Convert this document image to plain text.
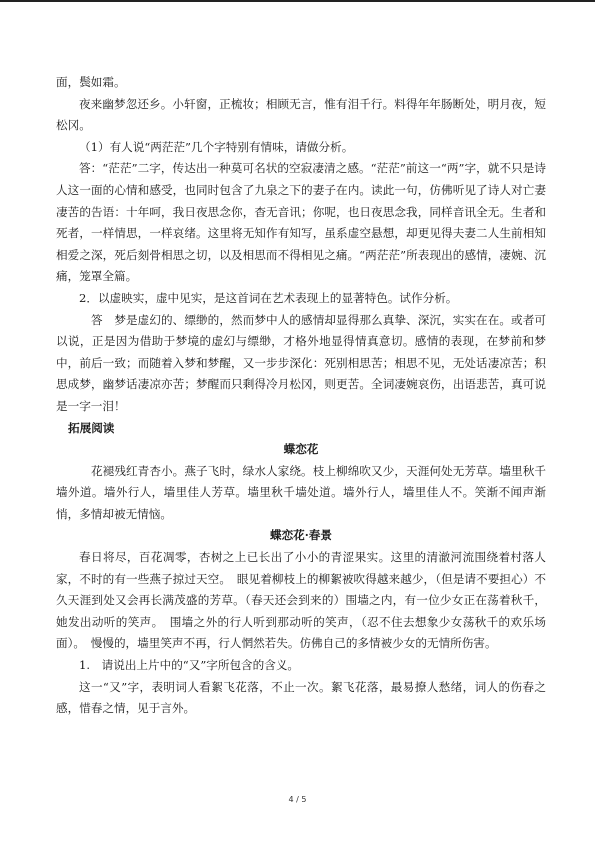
面，鬓如霜。

夜来幽梦忽还乡。小轩窗，正梳妆；相顾无言，惟有泪千行。料得年年肠断处，明月夜，短松冈。

（1）有人说“两茫茫”几个字特别有情味，请做分析。

答：“茫茫”二字，传达出一种莫可名状的空寂凄清之感。“茫茫”前这一“两”字，就不只是诗人这一面的心情和感受，也同时包含了九泉之下的妻子在内。读此一句，仿佛听见了诗人对亡妻凄苦的告语：十年呵，我日夜思念你，杳无音讯；你呢，也日夜思念我，同样音讯全无。生者和死者，一样情思，一样哀绪。这里将无知作有知写，虽系虚空悬想，却更见得夫妻二人生前相知相爱之深，死后刻骨相思之切，以及相思而不得相见之痛。“两茫茫”所表现出的感情，凄婉、沉痛，笼罩全篇。

2．以虚映实，虚中见实，是这首词在艺术表现上的显著特色。试作分析。

答　梦是虚幻的、缥缈的，然而梦中人的感情却显得那么真挚、深沉，实实在在。或者可以说，正是因为借助于梦境的虚幻与缥缈，才格外地显得情真意切。感情的表现，在梦前和梦中，前后一致；而随着入梦和梦醒，又一步步深化：死别相思苦；相思不见，无处话凄凉苦；积思成梦，幽梦话凄凉亦苦；梦醒而只剩得冷月松冈，则更苦。全词凄婉哀伤，出语悲苦，真可说是一字一泪！

拓展阅读

蝶恋花

花褪残红青杏小。燕子飞时，绿水人家绕。枝上柳绵吹又少，天涯何处无芳草。墙里秋千墙外道。墙外行人，墙里佳人芳草。墙里秋千墙处道。墙外行人，墙里佳人不。笑渐不闻声渐悄，多情却被无情恼。

蝶恋花·春景

春日将尽，百花凋零，杏树之上已长出了小小的青涩果实。这里的清澈河流围绕着村落人家，不时的有一些燕子掠过天空。　眼见着柳枝上的柳絮被吹得越来越少，（但是请不要担心）不久天涯到处又会再长满茂盛的芳草。（春天还会到来的）围墙之内，有一位少女正在荡着秋千，她发出动听的笑声。　围墙之外的行人听到那动听的笑声，（忍不住去想象少女荡秋千的欢乐场面）。　慢慢的，墙里笑声不再，行人惘然若失。仿佛自己的多情被少女的无情所伤害。

1.　请说出上片中的“又”字所包含的含义。

这一“又”字，表明词人看絮飞花落，不止一次。絮飞花落，最易撩人愁绪，词人的伤春之感，惜春之情，见于言外。

4 / 5
